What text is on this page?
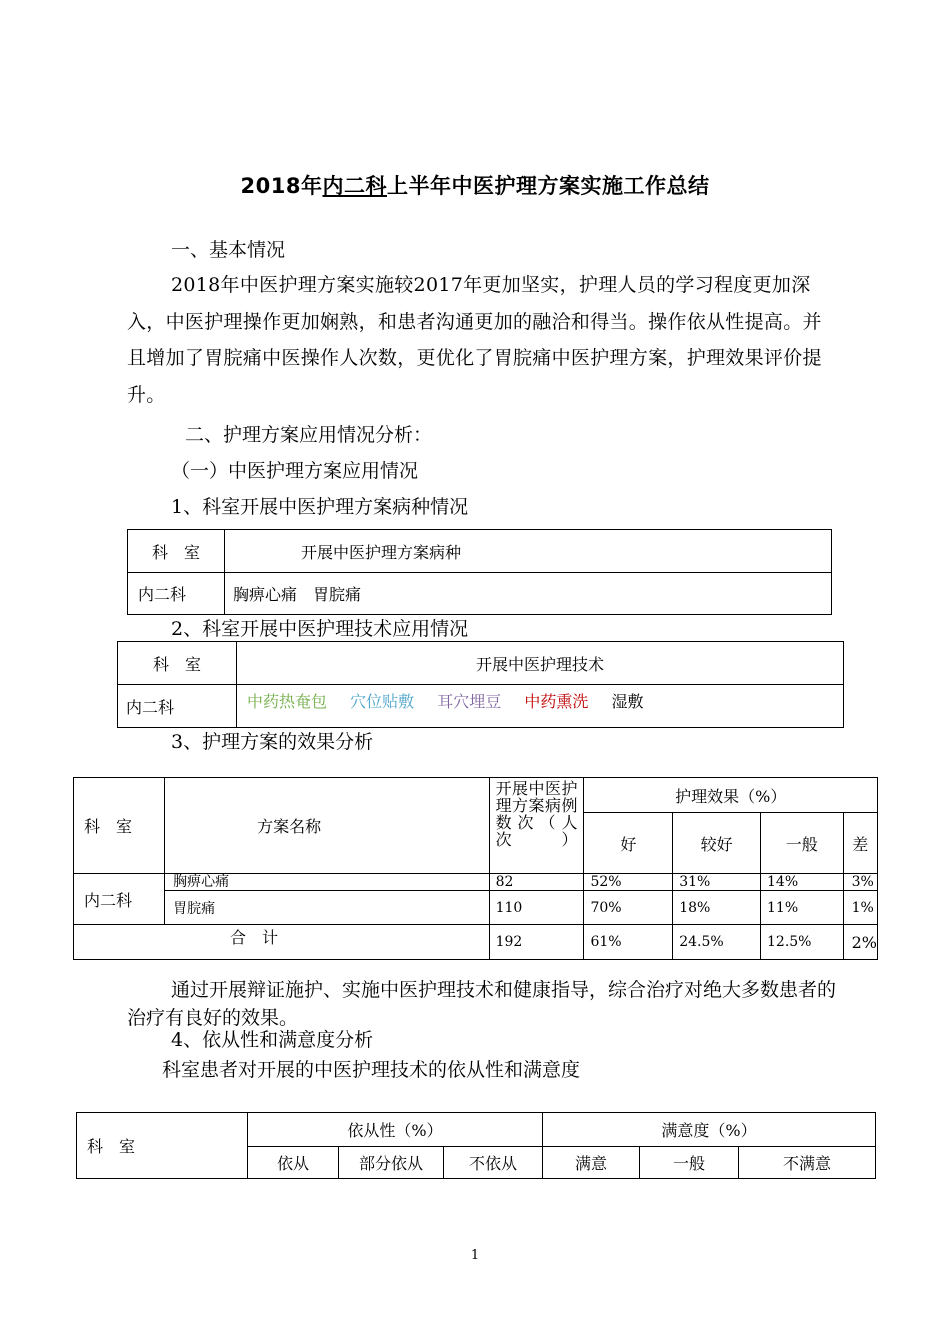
2018年内二科上半年中医护理方案实施工作总结
一、基本情况
2018年中医护理方案实施较2017年更加坚实，护理人员的学习程度更加深入，中医护理操作更加娴熟，和患者沟通更加的融洽和得当。操作依从性提高。并且增加了胃脘痛中医操作人次数，更优化了胃脘痛中医护理方案，护理效果评价提升。
二、护理方案应用情况分析：
（一）中医护理方案应用情况
1、科室开展中医护理方案病种情况
科　室	开展中医护理方案病种
内二科	胸痹心痛　胃脘痛
2、科室开展中医护理技术应用情况
科　室	开展中医护理技术
内二科	中药热奄包 穴位贴敷 耳穴埋豆 中药熏洗 湿敷
3、护理方案的效果分析
科　室	方案名称	开展中医护理方案病例数次（人次）	护理效果（%）			
			好	较好	一般	差
内二科	胸痹心痛	82	52%	31%	14%	3%
	胃脘痛	110	70%	18%	11%	1%
合　计		192	61%	24.5%	12.5%	2%
通过开展辩证施护、实施中医护理技术和健康指导，综合治疗对绝大多数患者的治疗有良好的效果。
4、依从性和满意度分析
科室患者对开展的中医护理技术的依从性和满意度
科　室	依从性（%）			满意度（%）		
	依从	部分依从	不依从	满意	一般	不满意
1
